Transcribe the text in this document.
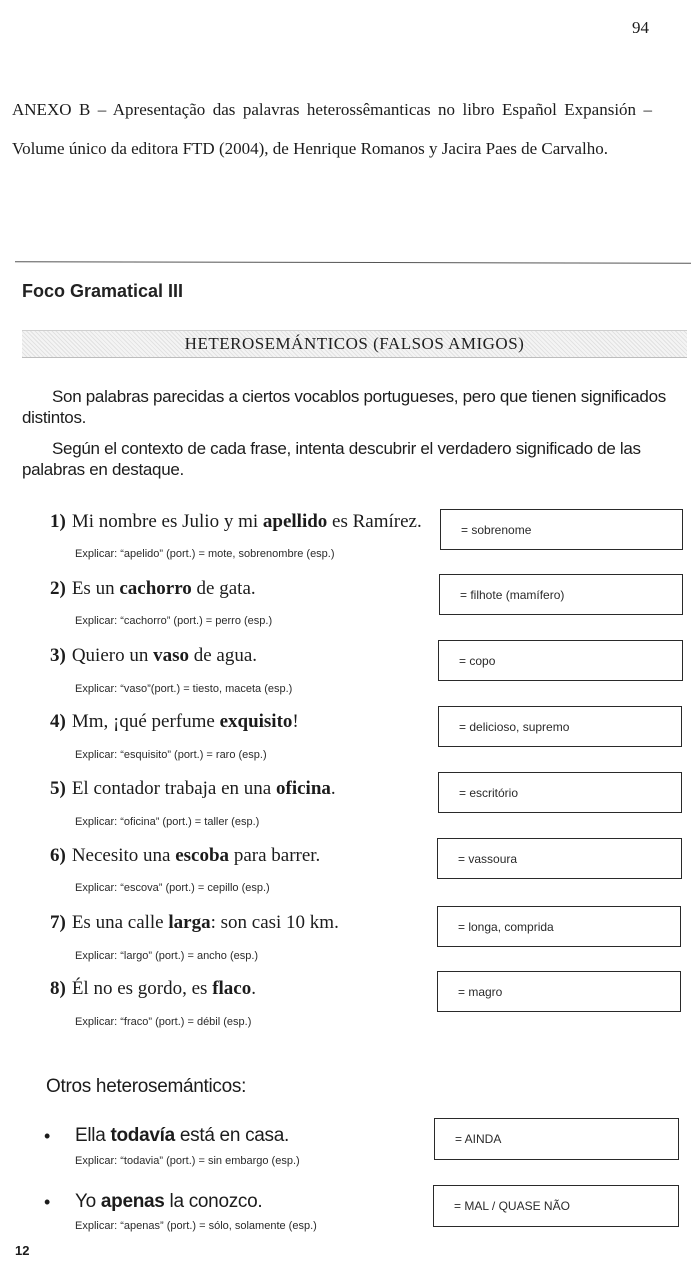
94

ANEXO B – Apresentação das palavras heterossêmanticas no libro Español Expansión – Volume único da editora FTD (2004), de Henrique Romanos y Jacira Paes de Carvalho.

Foco Gramatical III
HETEROSEMÁNTICOS (FALSOS AMIGOS)

Son palabras parecidas a ciertos vocablos portugueses, pero que tienen significados distintos.

Según el contexto de cada frase, intenta descubrir el verdadero significado de las palabras en destaque.

1) Mi nombre es Julio y mi apellido es Ramírez.
Explicar: “apelido” (port.) = mote, sobrenombre (esp.)
= sobrenome
2) Es un cachorro de gata.
Explicar: “cachorro” (port.) = perro (esp.)
= filhote (mamífero)
3) Quiero un vaso de agua.
Explicar: “vaso”(port.) = tiesto, maceta (esp.)
= copo
4) Mm, ¡qué perfume exquisito!
Explicar: “esquisito” (port.) = raro (esp.)
= delicioso, supremo
5) El contador trabaja en una oficina.
Explicar: “oficina” (port.) = taller (esp.)
= escritório
6) Necesito una escoba para barrer.
Explicar: “escova” (port.) = cepillo (esp.)
= vassoura
7) Es una calle larga: son casi 10 km.
Explicar: “largo” (port.) = ancho (esp.)
= longa, comprida
8) Él no es gordo, es flaco.
Explicar: “fraco” (port.) = débil (esp.)
= magro
Otros heterosemánticos:
• Ella todavía está en casa.
Explicar: “todavia” (port.) = sin embargo (esp.)
= AINDA
• Yo apenas la conozco.
Explicar: “apenas” (port.) = sólo, solamente (esp.)
= MAL / QUASE NÃO
12
